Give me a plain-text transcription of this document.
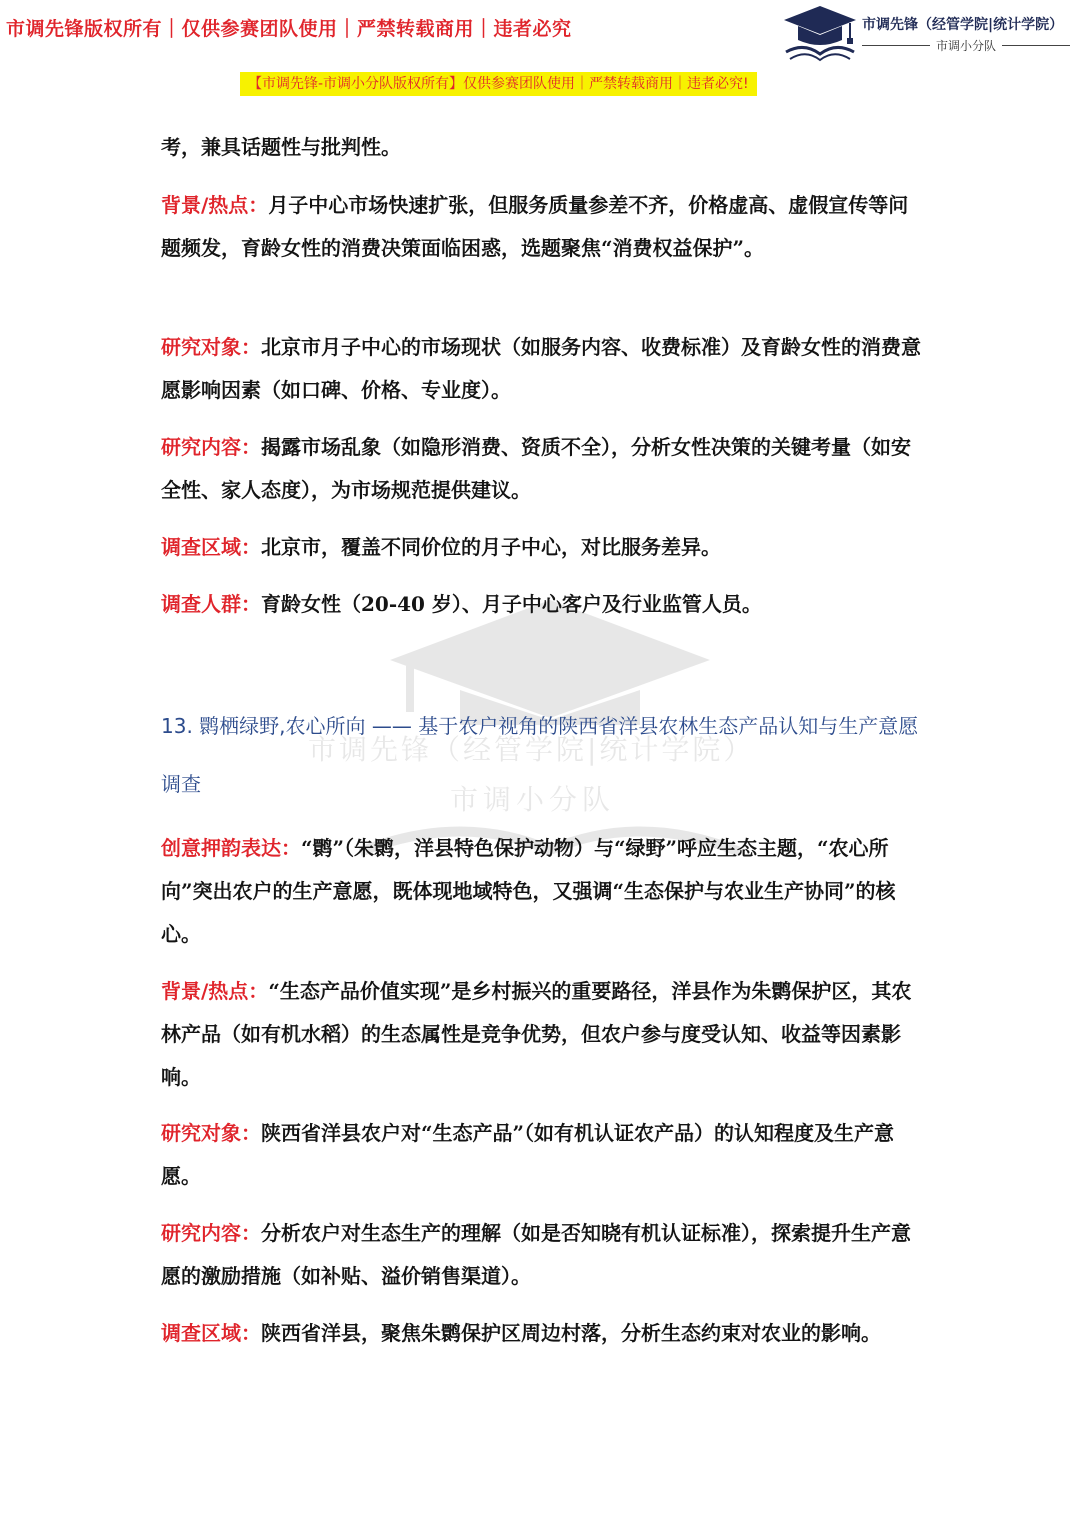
市调先锋版权所有｜仅供参赛团队使用｜严禁转载商用｜违者必究	市调先锋（经管学院|统计学院）
市调小分队
【市调先锋-市调小分队版权所有】仅供参赛团队使用｜严禁转载商用｜违者必究!
市调先锋（经管学院|统计学院）
市调小分队
考，兼具话题性与批判性。
背景/热点：月子中心市场快速扩张，但服务质量参差不齐，价格虚高、虚假宣传等问题频发，育龄女性的消费决策面临困惑，选题聚焦“消费权益保护”。
研究对象：北京市月子中心的市场现状（如服务内容、收费标准）及育龄女性的消费意愿影响因素（如口碑、价格、专业度）。
研究内容：揭露市场乱象（如隐形消费、资质不全），分析女性决策的关键考量（如安全性、家人态度），为市场规范提供建议。
调查区域：北京市，覆盖不同价位的月子中心，对比服务差异。
调查人群：育龄女性（20-40 岁）、月子中心客户及行业监管人员。
13. 鹮栖绿野,农心所向 —— 基于农户视角的陕西省洋县农林生态产品认知与生产意愿调查
创意押韵表达：“鹮”（朱鹮，洋县特色保护动物）与“绿野”呼应生态主题，“农心所向”突出农户的生产意愿，既体现地域特色，又强调“生态保护与农业生产协同”的核心。
背景/热点：“生态产品价值实现”是乡村振兴的重要路径，洋县作为朱鹮保护区，其农林产品（如有机水稻）的生态属性是竞争优势，但农户参与度受认知、收益等因素影响。
研究对象：陕西省洋县农户对“生态产品”（如有机认证农产品）的认知程度及生产意愿。
研究内容：分析农户对生态生产的理解（如是否知晓有机认证标准），探索提升生产意愿的激励措施（如补贴、溢价销售渠道）。
调查区域：陕西省洋县，聚焦朱鹮保护区周边村落，分析生态约束对农业的影响。
